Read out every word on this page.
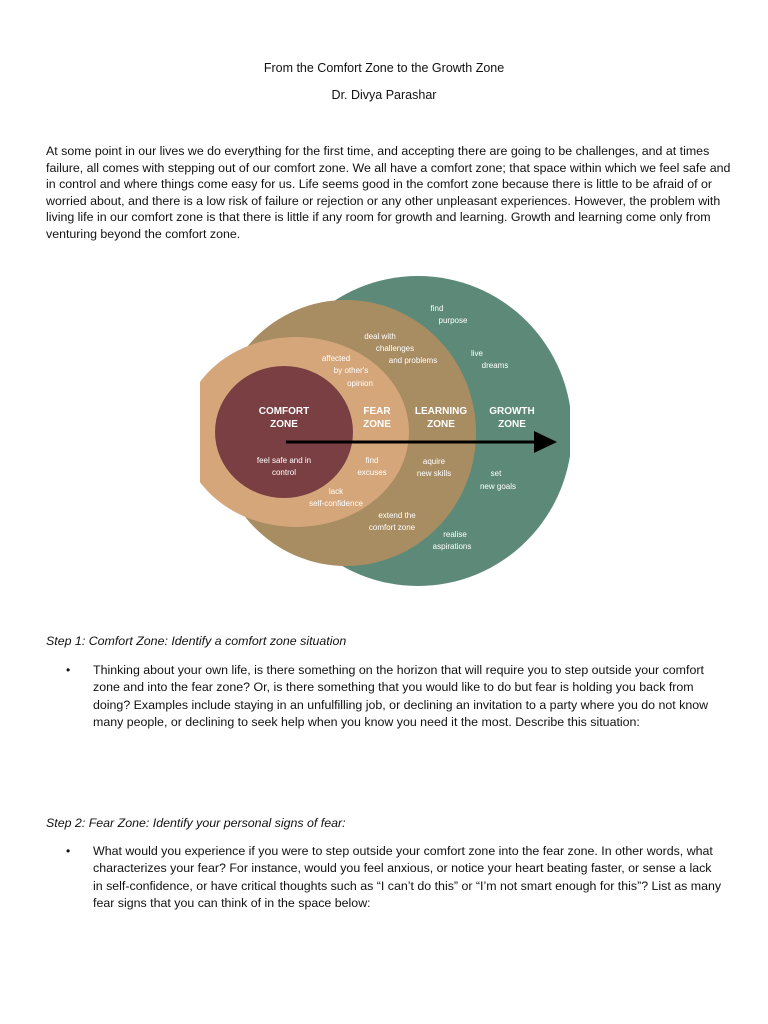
From the Comfort Zone to the Growth Zone
Dr. Divya Parashar

At some point in our lives we do everything for the first time, and accepting there are going to be challenges, and at times failure, all comes with stepping out of our comfort zone. We all have a comfort zone; that space within which we feel safe and in control and where things come easy for us. Life seems good in the comfort zone because there is little to be afraid of or worried about, and there is a low risk of failure or rejection or any other unpleasant experiences. However, the problem with living life in our comfort zone is that there is little if any room for growth and learning. Growth and learning come only from venturing beyond the comfort zone.

COMFORT
ZONE
FEAR
ZONE
LEARNING
ZONE
GROWTH
ZONE
find
purpose
live
dreams
deal with
challenges
and problems
affected
by other's
opinion
feel safe and in
control
find
excuses
aquire
new skills	set
new goals
lack
self-confidence
extend the
comfort zone
realise
aspirations
Step 1: Comfort Zone: Identify a comfort zone situation
•	Thinking about your own life, is there something on the horizon that will require you to step outside your comfort zone and into the fear zone? Or, is there something that you would like to do but fear is holding you back from doing? Examples include staying in an unfulfilling job, or declining an invitation to a party where you do not know many people, or declining to seek help when you know you need it the most. Describe this situation:

Step 2: Fear Zone: Identify your personal signs of fear:
•	What would you experience if you were to step outside your comfort zone into the fear zone. In other words, what characterizes your fear? For instance, would you feel anxious, or notice your heart beating faster, or sense a lack in self-confidence, or have critical thoughts such as “I can’t do this” or “I’m not smart enough for this”? List as many fear signs that you can think of in the space below:
